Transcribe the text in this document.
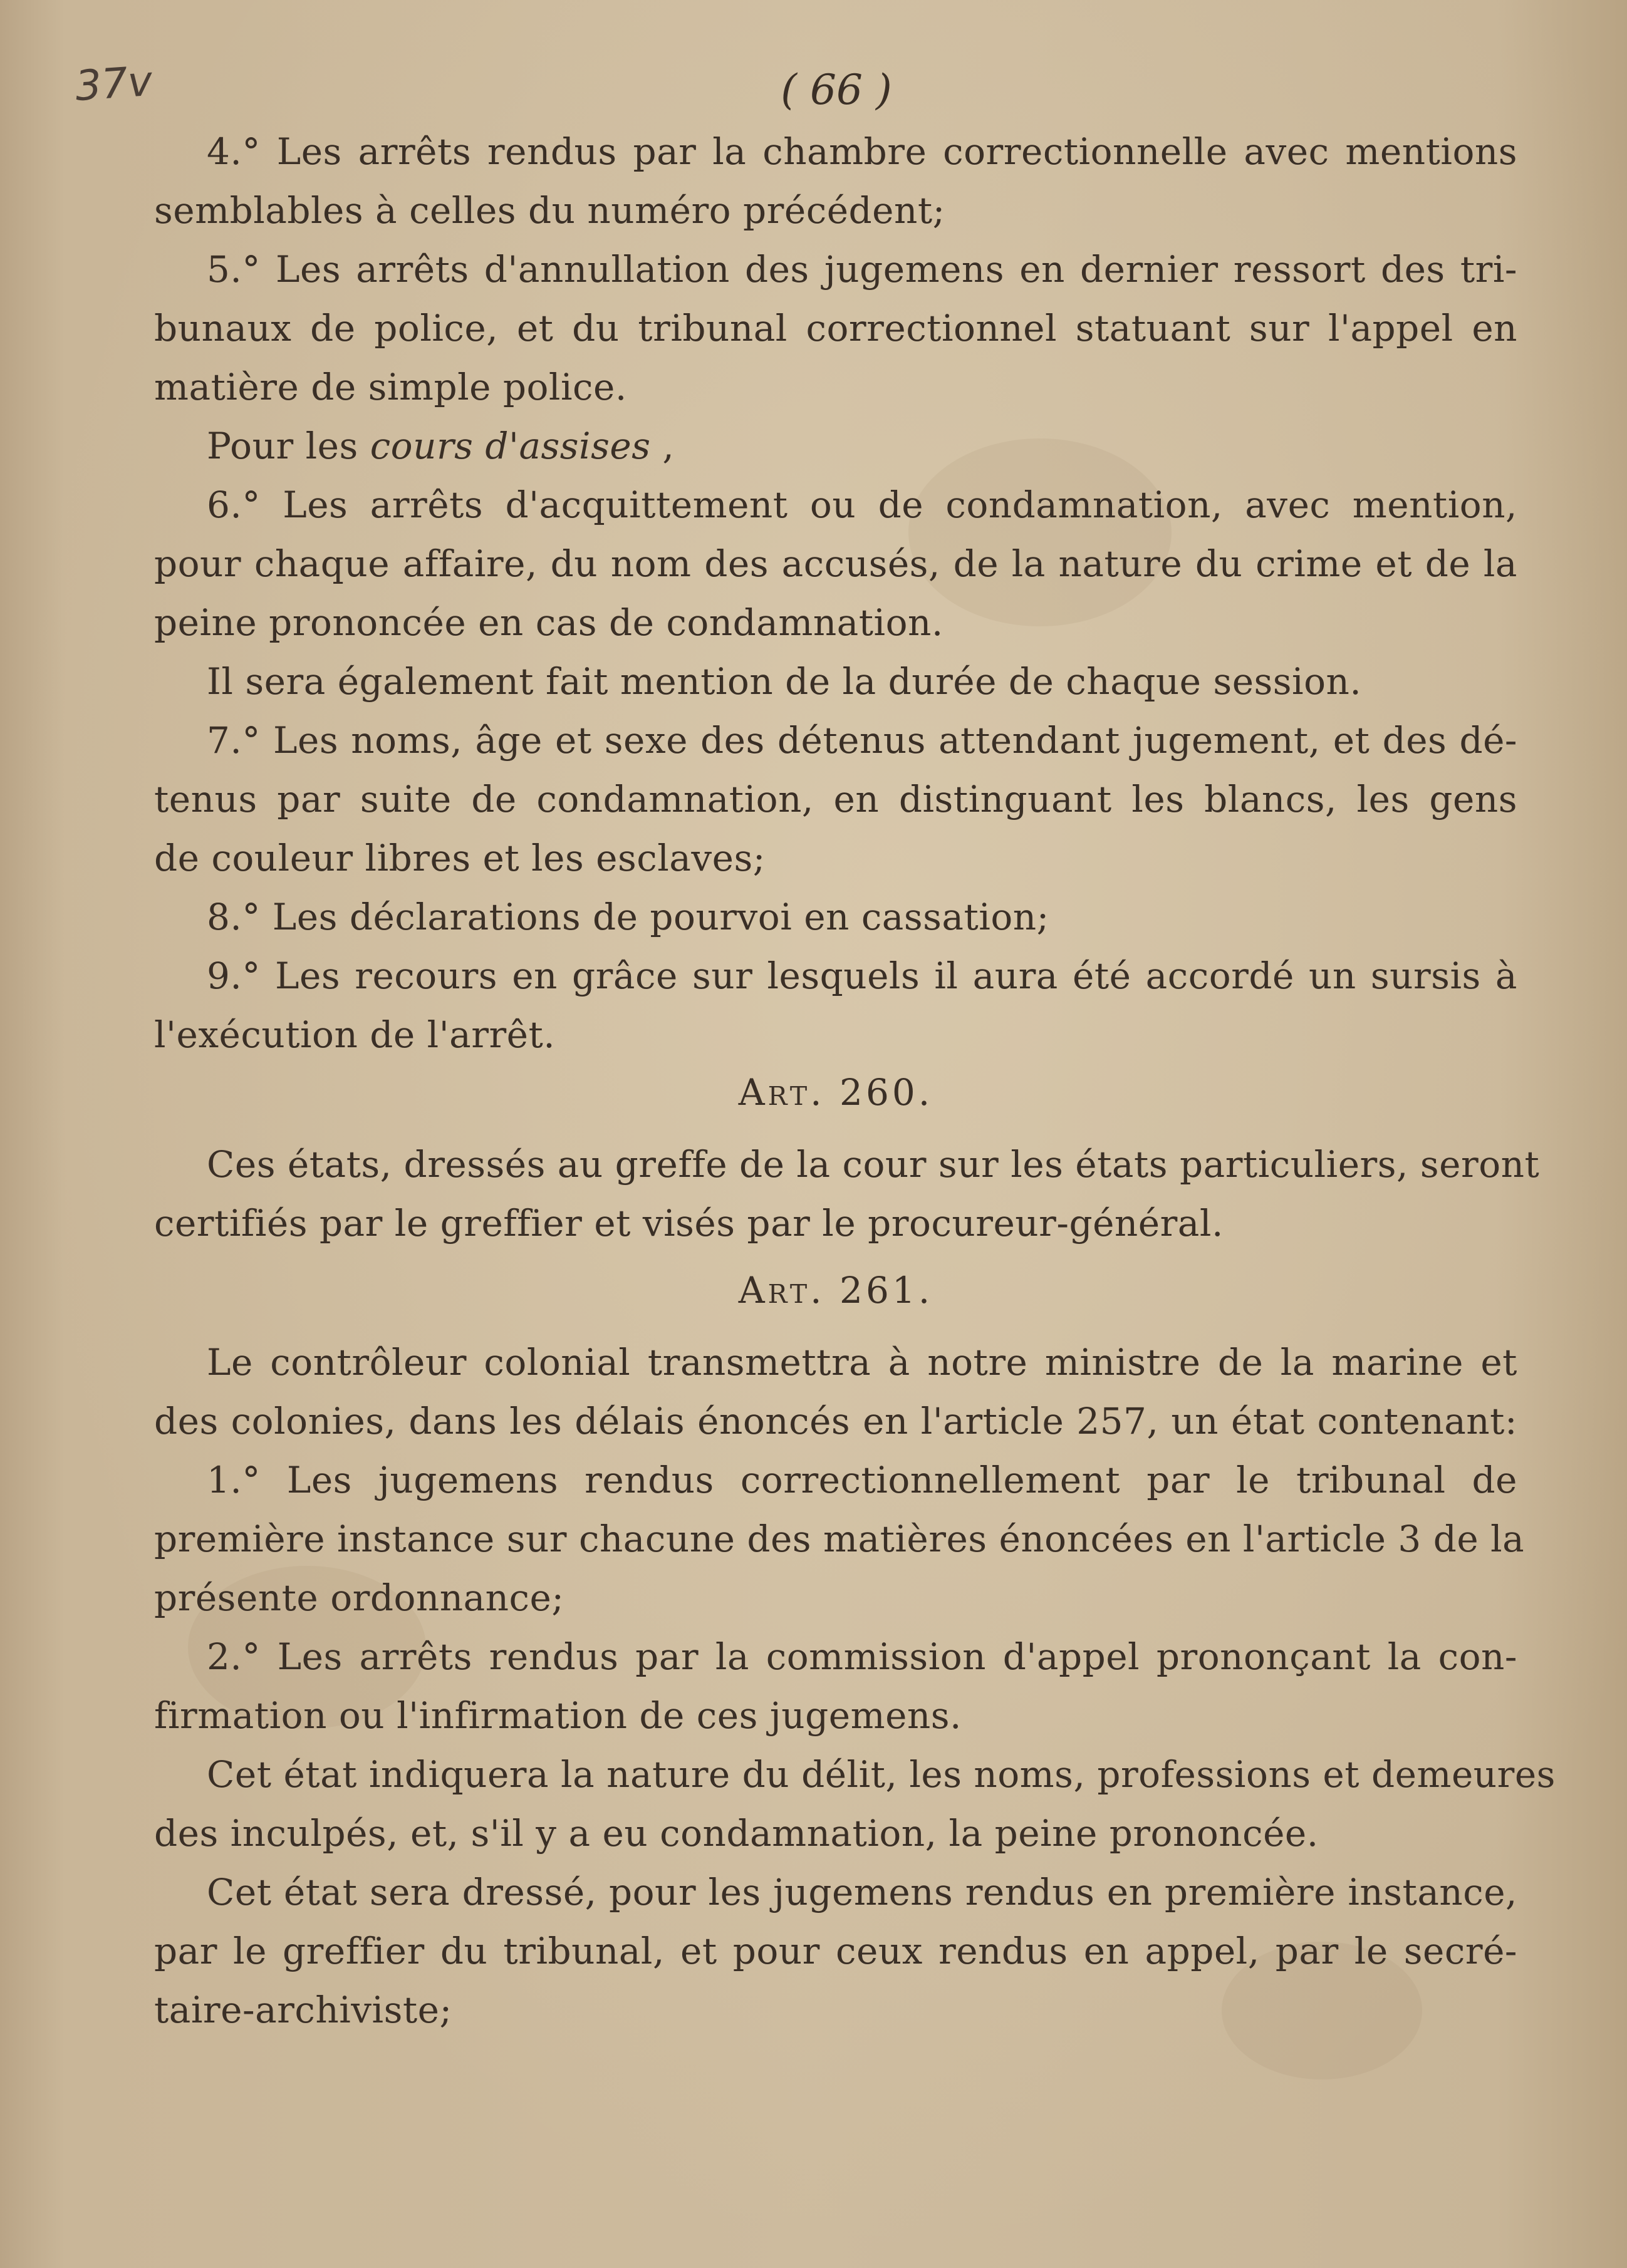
37v	( 66 )
4.° Les arrêts rendus par la chambre correctionnelle avec mentions
semblables à celles du numéro précédent;
5.° Les arrêts d'annullation des jugemens en dernier ressort des tri-
bunaux de police, et du tribunal correctionnel statuant sur l'appel en
matière de simple police.
Pour les cours d'assises ,
6.° Les arrêts d'acquittement ou de condamnation, avec mention,
pour chaque affaire, du nom des accusés, de la nature du crime et de la
peine prononcée en cas de condamnation.
Il sera également fait mention de la durée de chaque session.
7.° Les noms, âge et sexe des détenus attendant jugement, et des dé-
tenus par suite de condamnation, en distinguant les blancs, les gens
de couleur libres et les esclaves;
8.° Les déclarations de pourvoi en cassation;
9.° Les recours en grâce sur lesquels il aura été accordé un sursis à
l'exécution de l'arrêt.
Art. 260.
Ces états, dressés au greffe de la cour sur les états particuliers, seront
certifiés par le greffier et visés par le procureur-général.
Art. 261.
Le contrôleur colonial transmettra à notre ministre de la marine et
des colonies, dans les délais énoncés en l'article 257, un état contenant:
1.° Les jugemens rendus correctionnellement par le tribunal de
première instance sur chacune des matières énoncées en l'article 3 de la
présente ordonnance;
2.° Les arrêts rendus par la commission d'appel prononçant la con-
firmation ou l'infirmation de ces jugemens.
Cet état indiquera la nature du délit, les noms, professions et demeures
des inculpés, et, s'il y a eu condamnation, la peine prononcée.
Cet état sera dressé, pour les jugemens rendus en première instance,
par le greffier du tribunal, et pour ceux rendus en appel, par le secré-
taire-archiviste;
